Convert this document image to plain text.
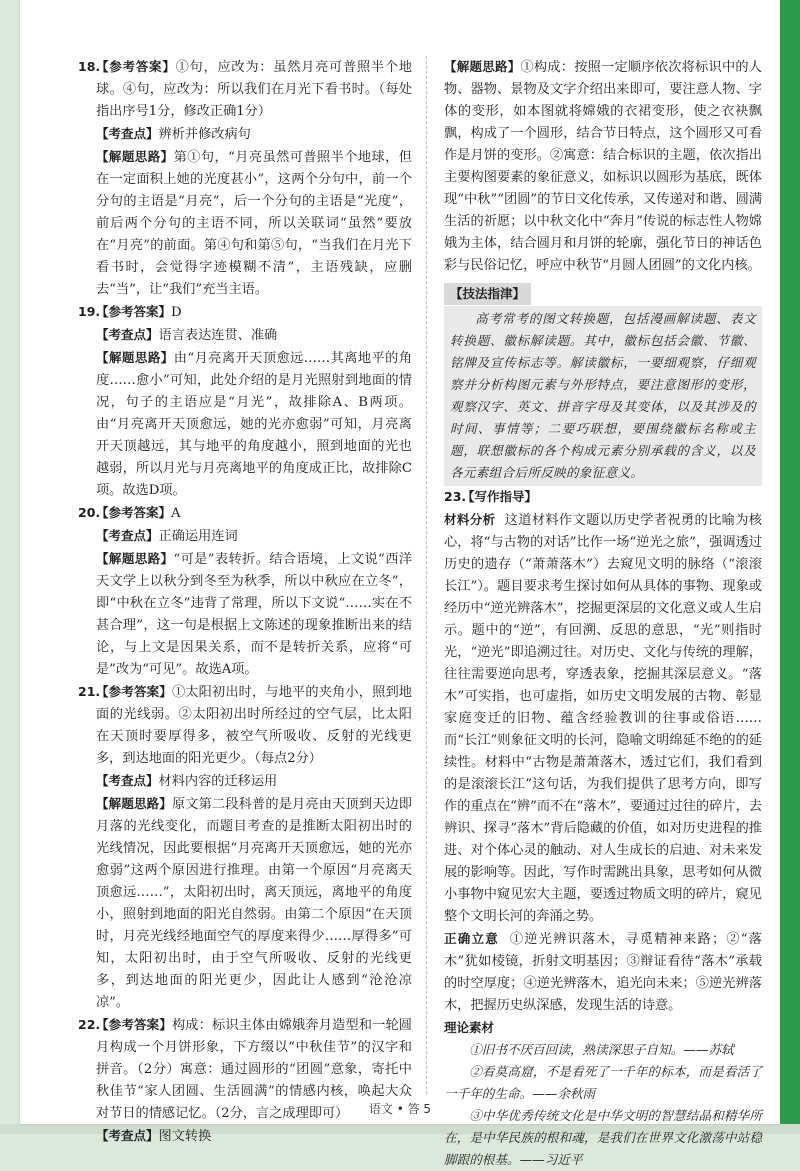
18.

【参考答案】①句，应改为：虽然月亮可普照半个地球。④句，应改为：所以我们在月光下看书时。（每处指出序号1分，修改正确1分）

【考查点】辨析并修改病句

【解题思路】第①句，“月亮虽然可普照半个地球，但在一定面积上她的光度甚小”，这两个分句中，前一个分句的主语是“月亮”，后一个分句的主语是“光度”，前后两个分句的主语不同，所以关联词“虽然”要放在“月亮”的前面。第④句和第⑤句，“当我们在月光下看书时，会觉得字迹模糊不清”，主语残缺，应删去“当”，让“我们”充当主语。

19.

【参考答案】D

【考查点】语言表达连贯、准确

【解题思路】由“月亮离开天顶愈远……其离地平的角度……愈小”可知，此处介绍的是月光照射到地面的情况，句子的主语应是“月光”，故排除A、B两项。由“月亮离开天顶愈远，她的光亦愈弱”可知，月亮离开天顶越远，其与地平的角度越小，照到地面的光也越弱，所以月光与月亮离地平的角度成正比，故排除C项。故选D项。

20.

【参考答案】A

【考查点】正确运用连词

【解题思路】“可是”表转折。结合语境，上文说“西洋天文学上以秋分到冬至为秋季，所以中秋应在立冬”，即“中秋在立冬”违背了常理，所以下文说“……实在不甚合理”，这一句是根据上文陈述的现象推断出来的结论，与上文是因果关系，而不是转折关系，应将“可是”改为“可见”。故选A项。

21.

【参考答案】①太阳初出时，与地平的夹角小，照到地面的光线弱。②太阳初出时所经过的空气层，比太阳在天顶时要厚得多，被空气所吸收、反射的光线更多，到达地面的阳光更少。（每点2分）

【考查点】材料内容的迁移运用

【解题思路】原文第二段科普的是月亮由天顶到天边即月落的光线变化，而题目考查的是推断太阳初出时的光线情况，因此要根据“月亮离开天顶愈远，她的光亦愈弱”这两个原因进行推理。由第一个原因“月亮离天顶愈远……”，太阳初出时，离天顶远，离地平的角度小，照射到地面的阳光自然弱。由第二个原因“在天顶时，月亮光线经地面空气的厚度来得少……厚得多”可知，太阳初出时，由于空气所吸收、反射的光线更多，到达地面的阳光更少，因此让人感到“沧沧凉凉”。

22.

【参考答案】构成：标识主体由嫦娥奔月造型和一轮圆月构成一个月饼形象，下方缀以“中秋佳节”的汉字和拼音。（2分）寓意：通过圆形的“团圆”意象，寄托中秋佳节“家人团圆、生活圆满”的情感内核，唤起大众对节日的情感记忆。（2分，言之成理即可）

【考查点】图文转换

【解题思路】①构成：按照一定顺序依次将标识中的人物、器物、景物及文字介绍出来即可，要注意人物、字体的变形，如本图就将嫦娥的衣裙变形，使之衣袂飘飘，构成了一个圆形，结合节日特点，这个圆形又可看作是月饼的变形。②寓意：结合标识的主题，依次指出主要构图要素的象征意义，如标识以圆形为基底，既体现“中秋”“团圆”的节日文化传承，又传递对和谐、圆满生活的祈愿；以中秋文化中“奔月”传说的标志性人物嫦娥为主体，结合圆月和月饼的轮廓，强化节日的神话色彩与民俗记忆，呼应中秋节“月圆人团圆”的文化内核。

【技法指津】

高考常考的图文转换题，包括漫画解读题、表文转换题、徽标解读题。其中，徽标包括会徽、节徽、铭牌及宣传标志等。解读徽标，一要细观察，仔细观察并分析构图元素与外形特点，要注意图形的变形，观察汉字、英文、拼音字母及其变体，以及其涉及的时间、事情等；二要巧联想，要围绕徽标名称或主题，联想徽标的各个构成元素分别承载的含义，以及各元素组合后所反映的象征意义。

23.

【写作指导】

材料分析 这道材料作文题以历史学者祝勇的比喻为核心，将“与古物的对话”比作一场“逆光之旅”，强调透过历史的遗存（“萧萧落木”）去窥见文明的脉络（“滚滚长江”）。题目要求考生探讨如何从具体的事物、现象或经历中“逆光辨落木”，挖掘更深层的文化意义或人生启示。题中的“逆”，有回溯、反思的意思，“光”则指时光，“逆光”即追溯过往。对历史、文化与传统的理解，往往需要逆向思考，穿透表象，挖掘其深层意义。“落木”可实指，也可虚指，如历史文明发展的古物、彰显家庭变迁的旧物、蕴含经验教训的往事或俗语……而“长江”则象征文明的长河，隐喻文明绵延不绝的的延续性。材料中“古物是萧萧落木，透过它们，我们看到的是滚滚长江”这句话，为我们提供了思考方向，即写作的重点在“辨”而不在“落木”，要通过过往的碎片，去辨识、探寻“落木”背后隐藏的价值，如对历史进程的推进、对个体心灵的触动、对人生成长的启迪、对未来发展的影响等。因此，写作时需跳出具象，思考如何从微小事物中窥见宏大主题，要透过物质文明的碎片，窥见整个文明长河的奔涌之势。

正确立意 ①逆光辨识落木，寻觅精神来路；②“落木”犹如棱镜，折射文明基因；③辩证看待“落木”承载的时空厚度；④逆光辨落木，追光向未来；⑤逆光辨落木，把握历史纵深感，发现生活的诗意。

理论素材

①旧书不厌百回读，熟读深思子自知。——苏轼

②看莫高窟，不是看死了一千年的标本，而是看活了一千年的生命。——余秋雨

③中华优秀传统文化是中华文明的智慧结晶和精华所在，是中华民族的根和魂，是我们在世界文化激荡中站稳脚跟的根基。——习近平

语文 • 答 5
